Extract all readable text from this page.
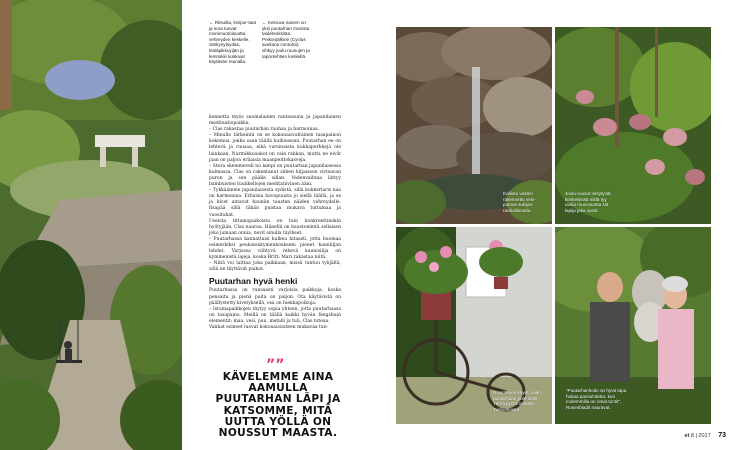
← Riisuilta, kivipor-taat ja sora tuovat monimuotoisuutta vehreyden keskelle. Särkynytsydän, tesiäpikkuyijän ja lemmikki kukkivat käytävän reunalla.
← Keinuva nainen on yksi puutarhan monista taideteoksista. Peikonjälkiné (Cyclus avellana contorta) vihkyy joulu-ruusujen ja taponlehtien keskellä.

kennetta myös suomalainen rantasauna ja japanilainen meditaatiopaikka.

– Clas rakastaa puutarhan rauhaa ja harmoniaa.

– Minulle tärkeintä on se kokonaisvaltainen tasapainon kokemus, jonka saan täällä kulkiessani. Puutarhan ee on lehtevä ja ruusaa, eikä varsinaista kukkaperhkejä ole lainkaan. Nurmikkoaukot on vain rahkan, mutta ne eivät jaan on paljon erilaisia maanpeittokasveja.

– Stora skemmeveli no lampi on puutarhan japanilaisessa kulmassa. Clas on rakentanut siihen hiljaiseen virtaavan puron ja sen päälle sillan. Vedenvaihtaa liittyy bambuisten tuulikellojen meditatiivinen ääni.

– Tykkäämme japanilaisesta zydistä, sillä kukkerlaris naa on harmoniaa. Erilaisia havupuusta jo siellä täällä, ja se ja kivet antavat kauniin tausten näiden vehreydelle. Ilsapää sillä tähän puistaa mukava tuttumaa ja vuosituhat.

Useista tittamapaikoista on tuin konkreettinakin hyötyjään, Clas nauraa. Hänellä on baustomintä sellaisen joko jumaan onnia, nevit sinulla täylliset.

– Puutarhassa kannattaisi kulkea hitaasti, jotta huomaa esimerkiksi peukalonkymenkoukseni pienet kauniiljan lehdet. Varjossa viihtyvä rehevä kaunisilija on kymmenistä lajeja, koska Britt: Mari rakastaa niitä.

– Niitä voi laittaa joka paikkaan, missä tuntuu tyhjältä, sillä ne täyttävät paikat.

Puutarhan hyvä henki

Puutarhassa on runsaasti varjoisia paikkoja, koska pensaita ja pienä puita on paljon. Ota käytävistä on päällystetty kivetyksellä, osa on hiekkapolkuja.

– Istumapaikkojen täytyy sopia yhteen, jotta puutarhassa on tasapaino. Meillä on täällä kaikki hyvän fengshuin elementit: maa, vesi, puu, metalli ja tuli, Clas toteaa.

Vanhat esineet luovat kokonaisuuteen mukavaa tun-

””
KÄVELEMME AINA AAMULLA PUUTARHAN LÄPI JA KATSOMME, MITÄ UUTTA YÖLLÄ ON NOUSSUT MAASTA.
Kalliota vasten rakennettu vesi-putous sulojee rauhallisuutta.
Joulu-ruusut nitsytyvät keskeisissä niittä tyy uusia muoovuutta siä lajeja joka vuosi.
Ruosteinen käynti vaan puutarhaan pole-sulle. Tämä pyörä ostettiin Tukholmasta.
“Puutarhanhoito on hyvä tapa hoitaa parisuhdetta, kun molemmilla on omat tontit”, Rosenbladit nauravat.
et 8 | 2017 73
